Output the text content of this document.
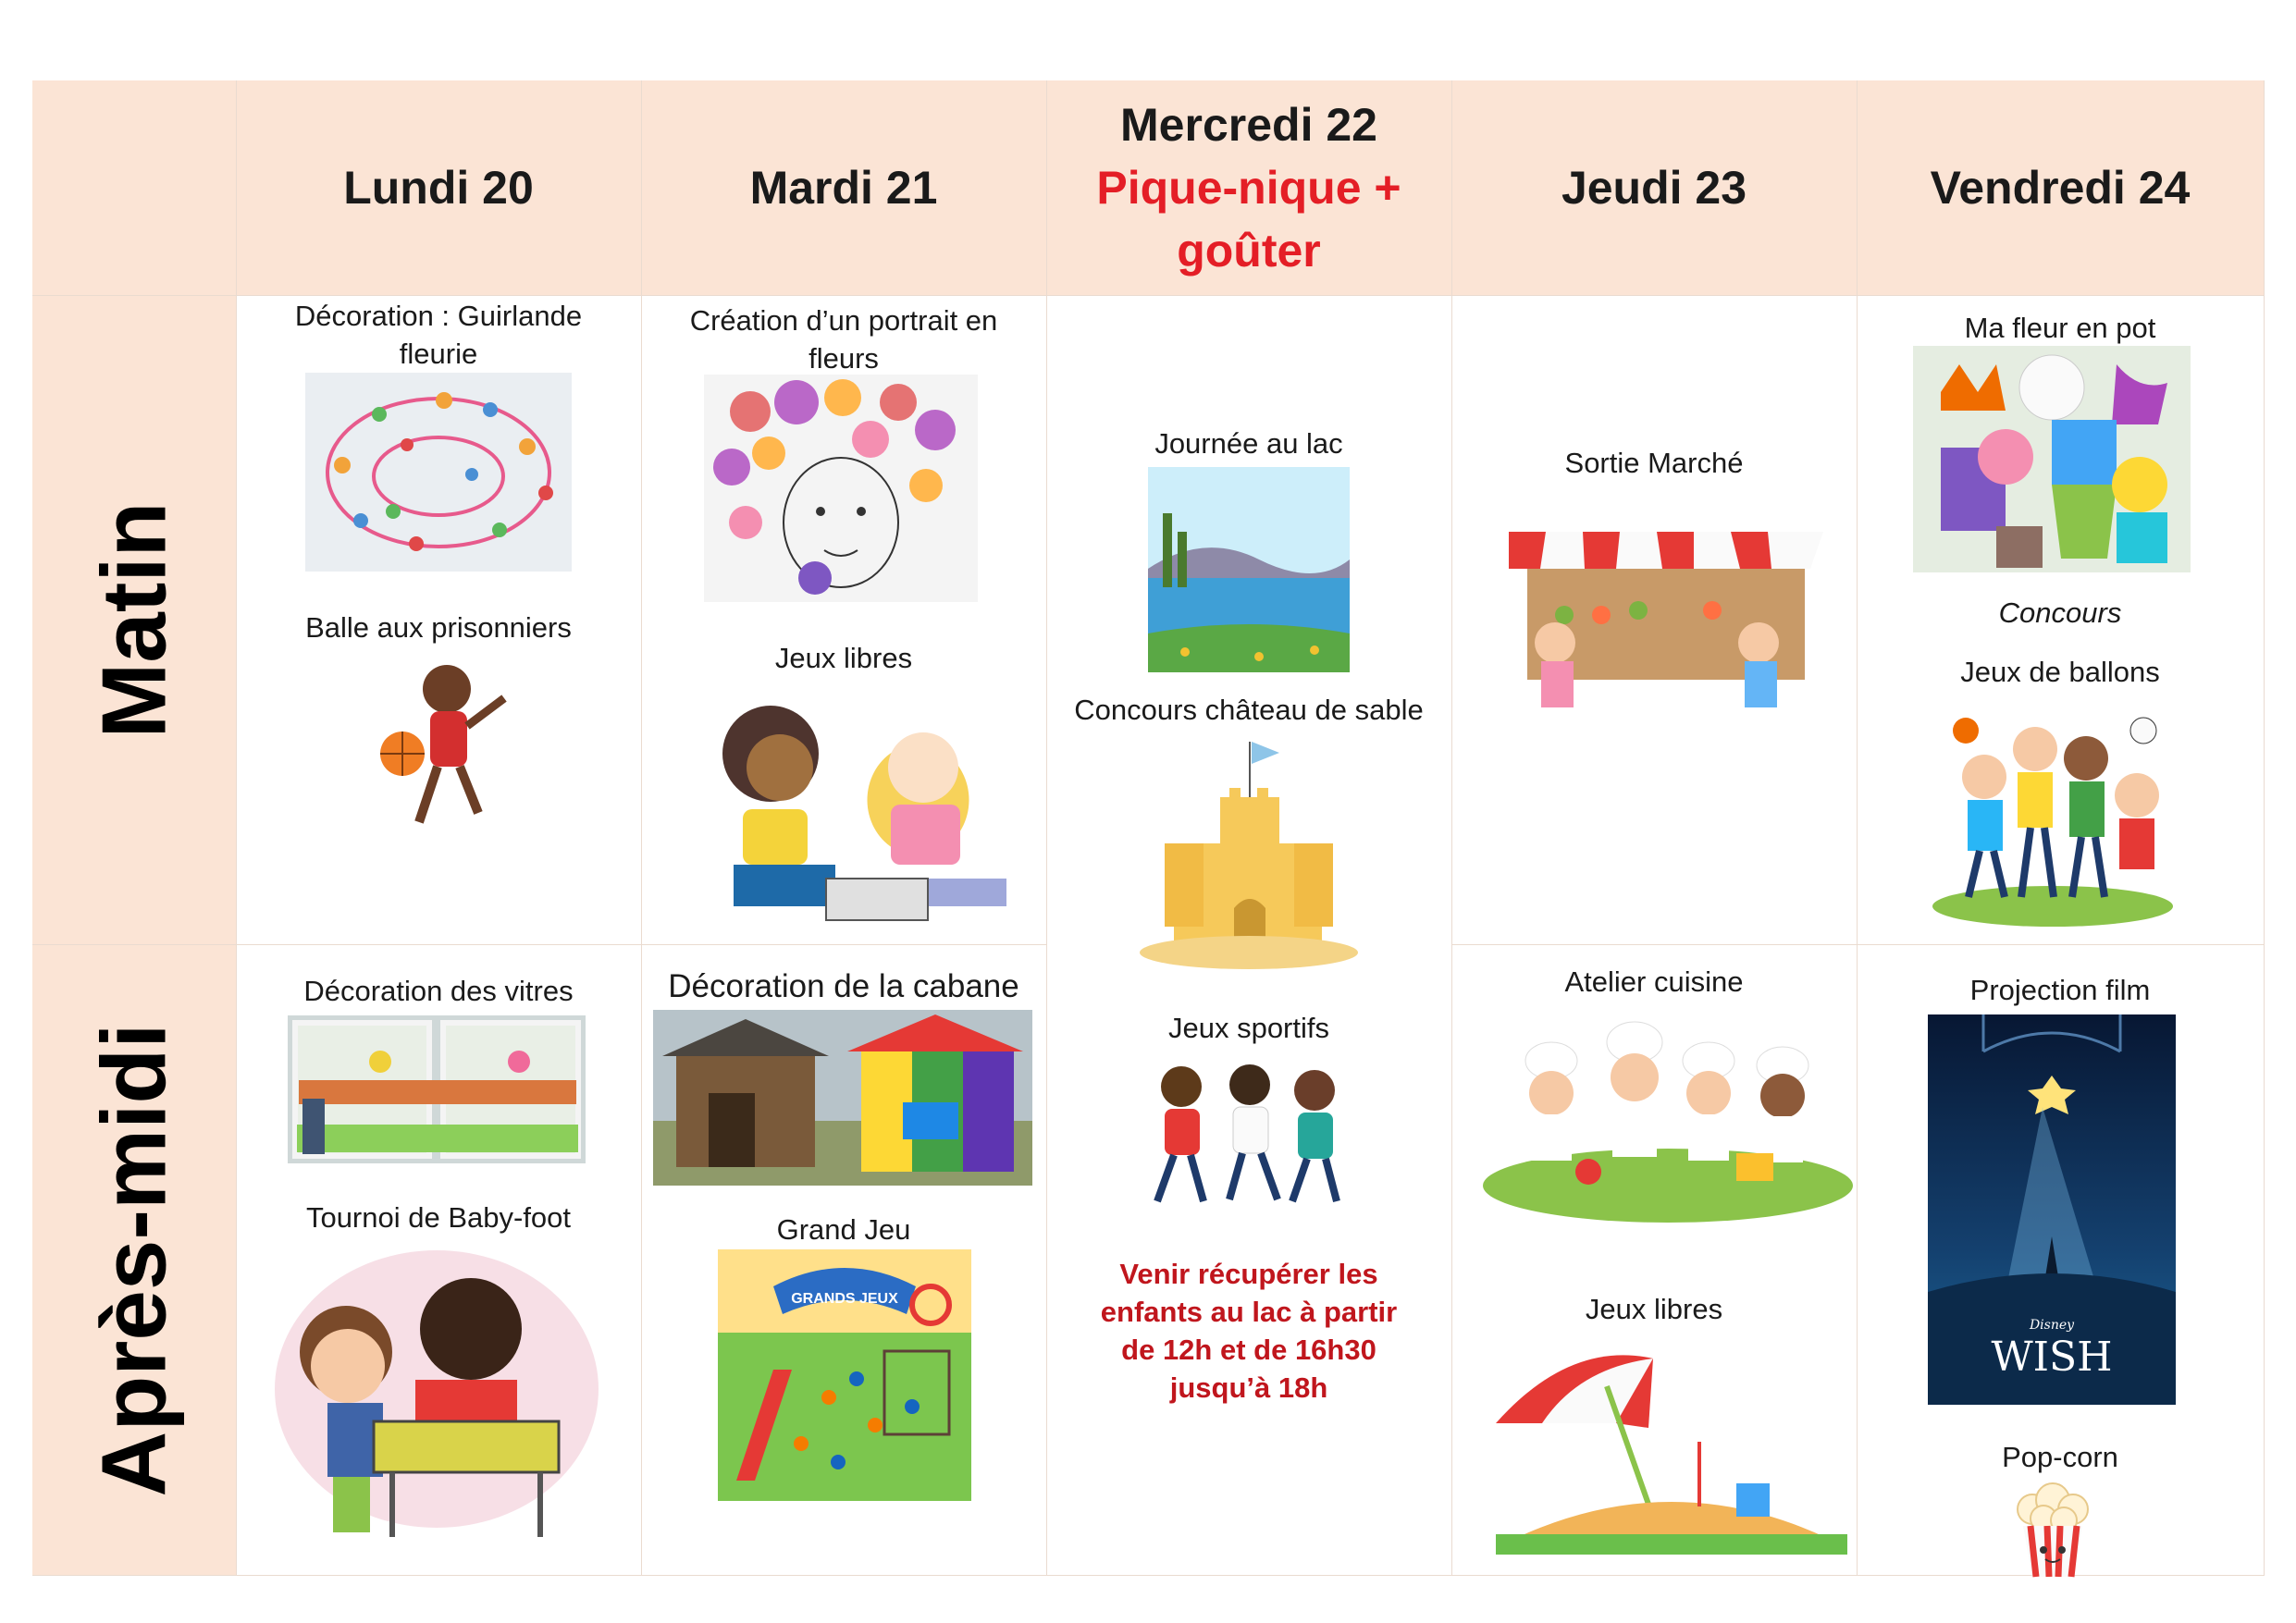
Lundi 20	Mardi 21
Mercredi 22
Pique-nique + goûter
Jeudi 23	Vendredi 24
Matin
Après-midi
Décoration : Guirlande fleurie
Balle aux prisonniers
Décoration des vitres
Tournoi de Baby-foot
Création d’un portrait en fleurs
Jeux libres
Décoration de la cabane
Grand Jeu
GRANDS JEUX
Journée au lac
Concours château de sable
Jeux sportifs
Venir récupérer les enfants au lac à partir de 12h et de 16h30 jusqu’à 18h
Sortie Marché
Atelier cuisine
Jeux libres
Ma fleur en pot
Concours
Jeux de ballons
Projection film
Disney
WISH
Pop-corn
